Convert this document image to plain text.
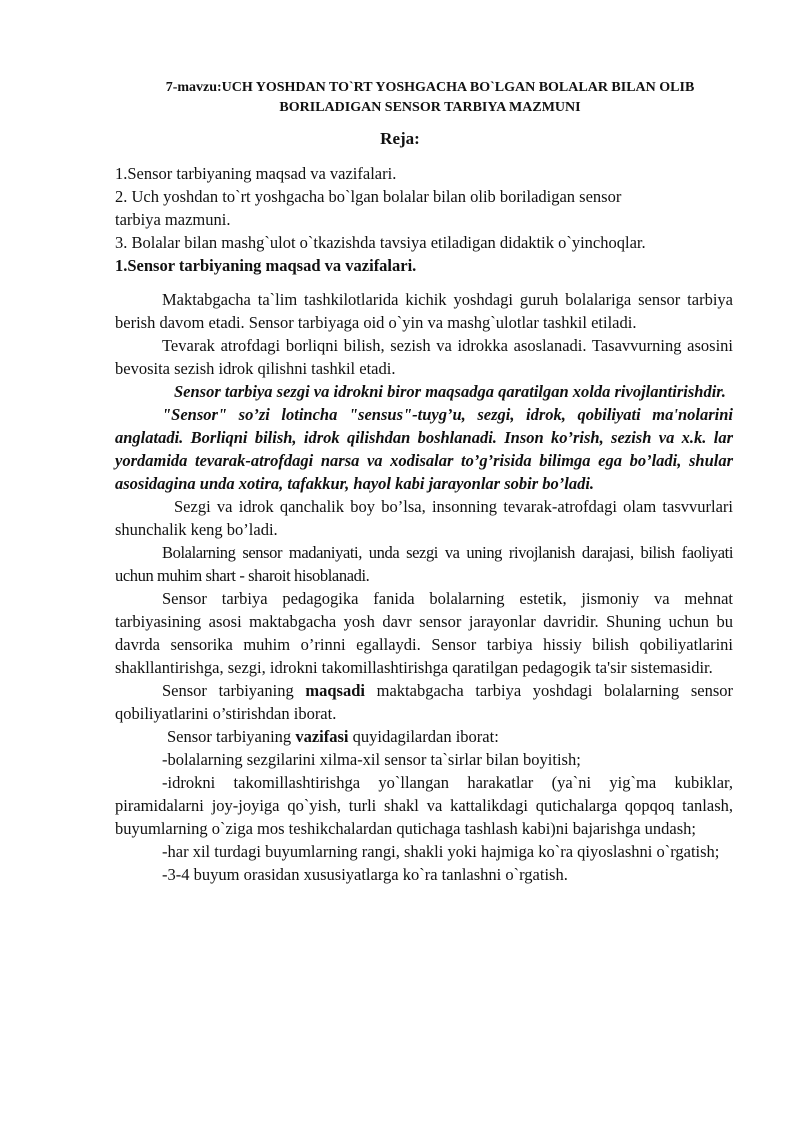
7-mavzu:UCH YOSHDAN TO`RT YOSHGACHA BO`LGAN BOLALAR BILAN OLIB
BORILADIGAN SENSOR TARBIYA MAZMUNI
Reja:
1.Sensor tarbiyaning maqsad va vazifalari.
2. Uch yoshdan to`rt yoshgacha bo`lgan bolalar bilan olib boriladigan sensor
tarbiya mazmuni.
3. Bolalar bilan mashg`ulot o`tkazishda tavsiya etiladigan didaktik o`yinchoqlar.
1.Sensor tarbiyaning maqsad va vazifalari.

Maktabgacha ta`lim tashkilotlarida kichik yoshdagi guruh bolalariga sensor tarbiya berish davom etadi. Sensor tarbiyaga oid o`yin va mashg`ulotlar tashkil etiladi.

Tevarak atrofdagi borliqni bilish, sezish va idrokka asoslanadi. Tasavvurning asosini bevosita sezish idrok qilishni tashkil etadi.

Sensor tarbiya sezgi va idrokni biror maqsadga qaratilgan xolda rivojlantirishdir.

"Sensor" so’zi lotincha "sensus"-tuyg’u, sezgi, idrok, qobiliyati ma'nolarini anglatadi. Borliqni bilish, idrok qilishdan boshlanadi. Inson ko’rish, sezish va x.k. lar yordamida tevarak-atrofdagi narsa va xodisalar to’g’risida bilimga ega bo’ladi, shular asosidagina unda xotira, tafakkur, hayol kabi jarayonlar sobir bo’ladi.

Sezgi va idrok qanchalik boy bo’lsa, insonning tevarak-atrofdagi olam tasvvurlari shunchalik keng bo’ladi.

Bolalarning sensor madaniyati, unda sezgi va uning rivojlanish darajasi, bilish faoliyati uchun muhim shart - sharoit hisoblanadi.

Sensor tarbiya pedagogika fanida bolalarning estetik, jismoniy va mehnat tarbiyasining asosi maktabgacha yosh davr sensor jarayonlar davridir. Shuning uchun bu davrda sensorika muhim o’rinni egallaydi. Sensor tarbiya hissiy bilish qobiliyatlarini shakllantirishga, sezgi, idrokni takomillashtirishga qaratilgan pedagogik ta'sir sistemasidir.

Sensor tarbiyaning maqsadi maktabgacha tarbiya yoshdagi bolalarning sensor qobiliyatlarini o’stirishdan iborat.

Sensor tarbiyaning vazifasi quyidagilardan iborat:

-bolalarning sezgilarini xilma-xil sensor ta`sirlar bilan boyitish;

-idrokni takomillashtirishga yo`llangan harakatlar (ya`ni yig`ma kubiklar, piramidalarni joy-joyiga qo`yish, turli shakl va kattalikdagi qutichalarga qopqoq tanlash, buyumlarning o`ziga mos teshikchalardan qutichaga tashlash kabi)ni bajarishga undash;

-har xil turdagi buyumlarning rangi, shakli yoki hajmiga ko`ra qiyoslashni o`rgatish;

-3-4 buyum orasidan xususiyatlarga ko`ra tanlashni o`rgatish.
